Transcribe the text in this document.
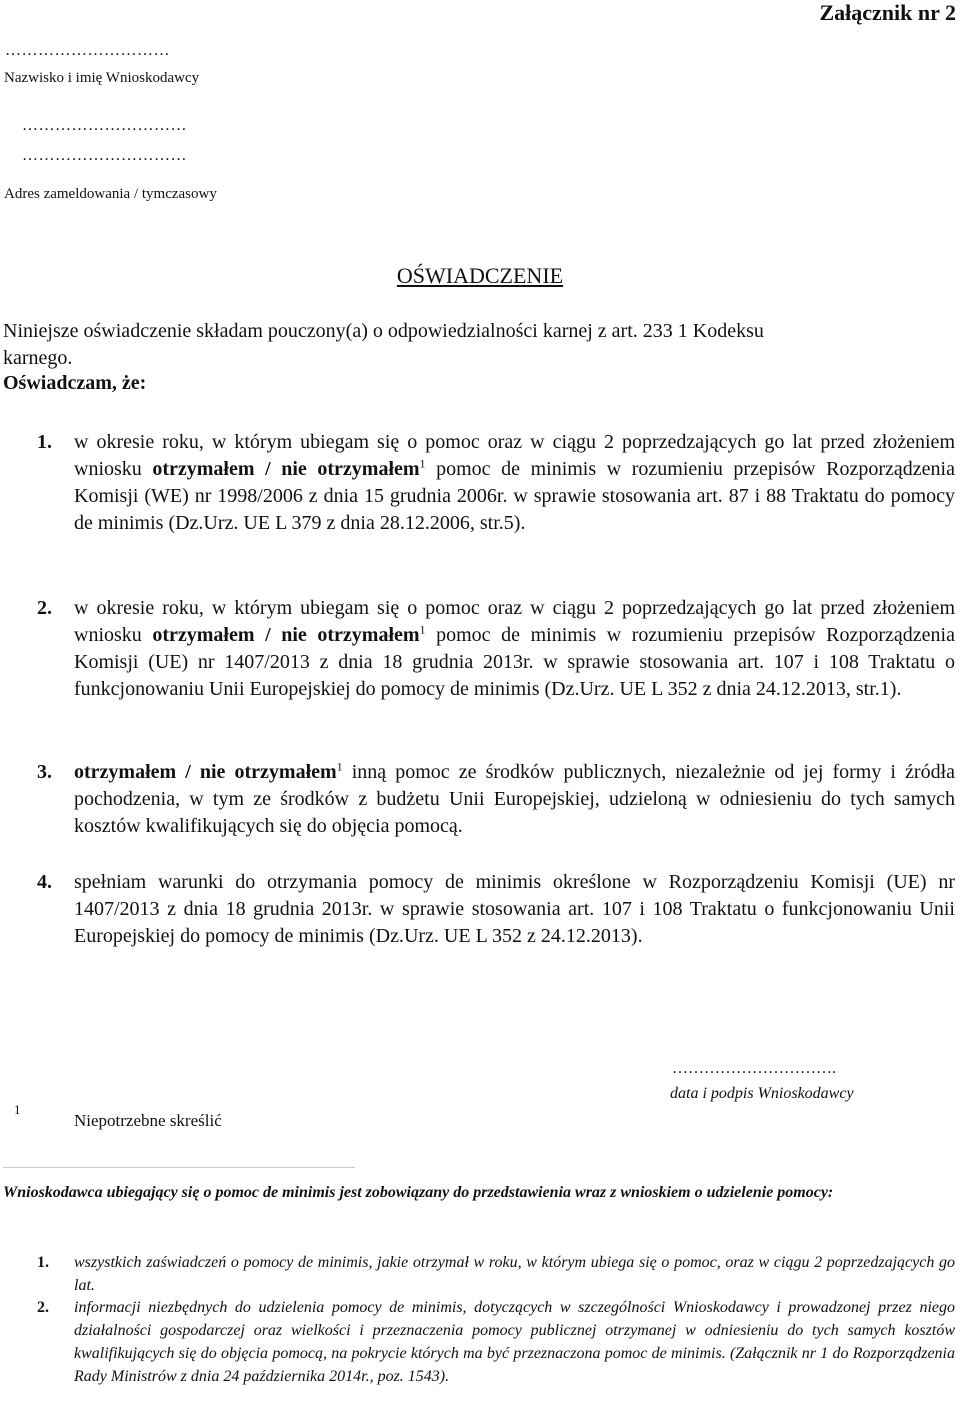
Załącznik nr 2
…………………………
Nazwisko i imię Wnioskodawcy
…………………………
…………………………
Adres zameldowania / tymczasowy
OŚWIADCZENIE
Niniejsze oświadczenie składam pouczony(a) o odpowiedzialności karnej z art. 233 1 Kodeksu
karnego.
Oświadczam, że:
1. w okresie roku, w którym ubiegam się o pomoc oraz w ciągu 2 poprzedzających go lat przed złożeniem wniosku otrzymałem / nie otrzymałem$^1$ pomoc de minimis w rozumieniu przepisów Rozporządzenia Komisji (WE) nr 1998/2006 z dnia 15 grudnia 2006r. w sprawie stosowania art. 87 i 88 Traktatu do pomocy de minimis (Dz.Urz. UE L 379 z dnia 28.12.2006, str.5).

2. w okresie roku, w którym ubiegam się o pomoc oraz w ciągu 2 poprzedzających go lat przed złożeniem wniosku otrzymałem / nie otrzymałem$^1$ pomoc de minimis w rozumieniu przepisów Rozporządzenia Komisji (UE) nr 1407/2013 z dnia 18 grudnia 2013r. w sprawie stosowania art. 107 i 108 Traktatu o funkcjonowaniu Unii Europejskiej do pomocy de minimis (Dz.Urz. UE L 352 z dnia 24.12.2013, str.1).

3. otrzymałem / nie otrzymałem$^1$ inną pomoc ze środków publicznych, niezależnie od jej formy i źródła pochodzenia, w tym ze środków z budżetu Unii Europejskiej, udzieloną w odniesieniu do tych samych kosztów kwalifikujących się do objęcia pomocą.

4. spełniam warunki do otrzymania pomocy de minimis określone w Rozporządzeniu Komisji (UE) nr 1407/2013 z dnia 18 grudnia 2013r. w sprawie stosowania art. 107 i 108 Traktatu o funkcjonowaniu Unii Europejskiej do pomocy de minimis (Dz.Urz. UE L 352 z 24.12.2013).

………………………….
data i podpis Wnioskodawcy
1
Niepotrzebne skreślić
Wnioskodawca ubiegający się o pomoc de minimis jest zobowiązany do przedstawienia wraz z wnioskiem o udzielenie pomocy:
1. wszystkich zaświadczeń o pomocy de minimis, jakie otrzymał w roku, w którym ubiega się o pomoc, oraz w ciągu 2 poprzedzających go lat.

2. informacji niezbędnych do udzielenia pomocy de minimis, dotyczących w szczególności Wnioskodawcy i prowadzonej przez niego działalności gospodarczej oraz wielkości i przeznaczenia pomocy publicznej otrzymanej w odniesieniu do tych samych kosztów kwalifikujących się do objęcia pomocą, na pokrycie których ma być przeznaczona pomoc de minimis. (Załącznik nr 1 do Rozporządzenia Rady Ministrów z dnia 24 października 2014r., poz. 1543).
